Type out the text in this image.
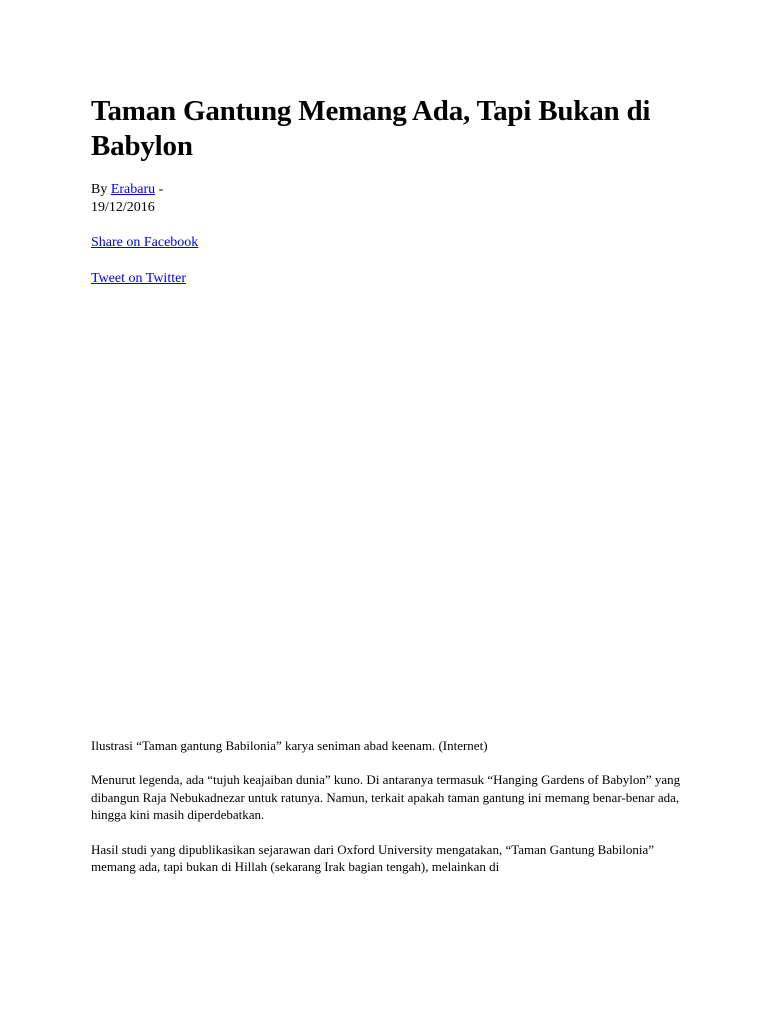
Taman Gantung Memang Ada, Tapi Bukan di Babylon
By Erabaru -
19/12/2016
Share on Facebook
Tweet on Twitter

Ilustrasi “Taman gantung Babilonia” karya seniman abad keenam. (Internet)

Menurut legenda, ada “tujuh keajaiban dunia” kuno. Di antaranya termasuk “Hanging Gardens of Babylon” yang dibangun Raja Nebukadnezar untuk ratunya. Namun, terkait apakah taman gantung ini memang benar-benar ada, hingga kini masih diperdebatkan.

Hasil studi yang dipublikasikan sejarawan dari Oxford University mengatakan, “Taman Gantung Babilonia” memang ada, tapi bukan di Hillah (sekarang Irak bagian tengah), melainkan di
